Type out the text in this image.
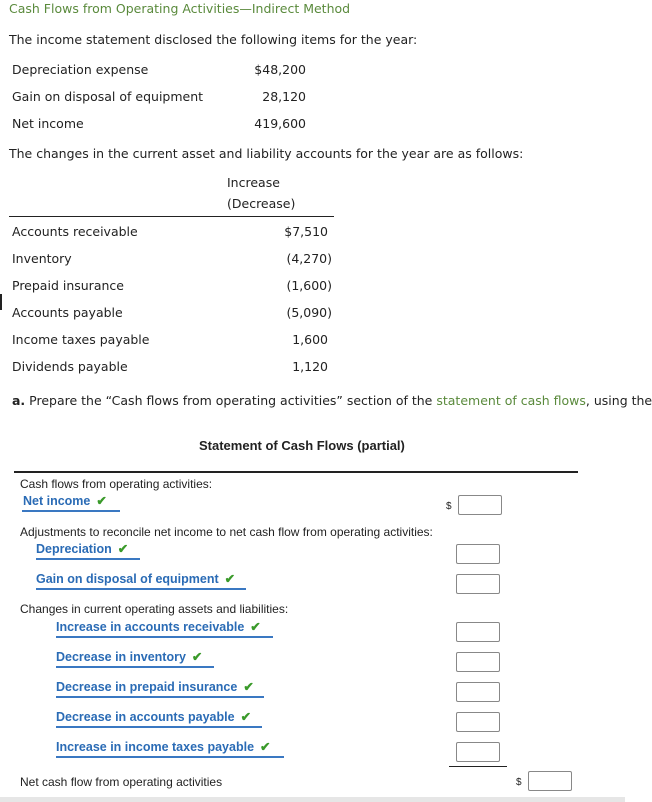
Cash Flows from Operating Activities—Indirect Method
The income statement disclosed the following items for the year:
Depreciation expense	$48,200
Gain on disposal of equipment	28,120
Net income	419,600
The changes in the current asset and liability accounts for the year are as follows:
Increase
(Decrease)
Accounts receivable	$7,510
Inventory	(4,270)
Prepaid insurance	(1,600)
Accounts payable	(5,090)
Income taxes payable	1,600
Dividends payable	1,120
a. Prepare the “Cash flows from operating activities” section of the statement of cash flows, using the
Statement of Cash Flows (partial)
Cash flows from operating activities:
Net income ✔	$
Adjustments to reconcile net income to net cash flow from operating activities:
Depreciation ✔
Gain on disposal of equipment ✔
Changes in current operating assets and liabilities:
Increase in accounts receivable ✔
Decrease in inventory ✔
Decrease in prepaid insurance ✔
Decrease in accounts payable ✔
Increase in income taxes payable ✔
Net cash flow from operating activities	$
